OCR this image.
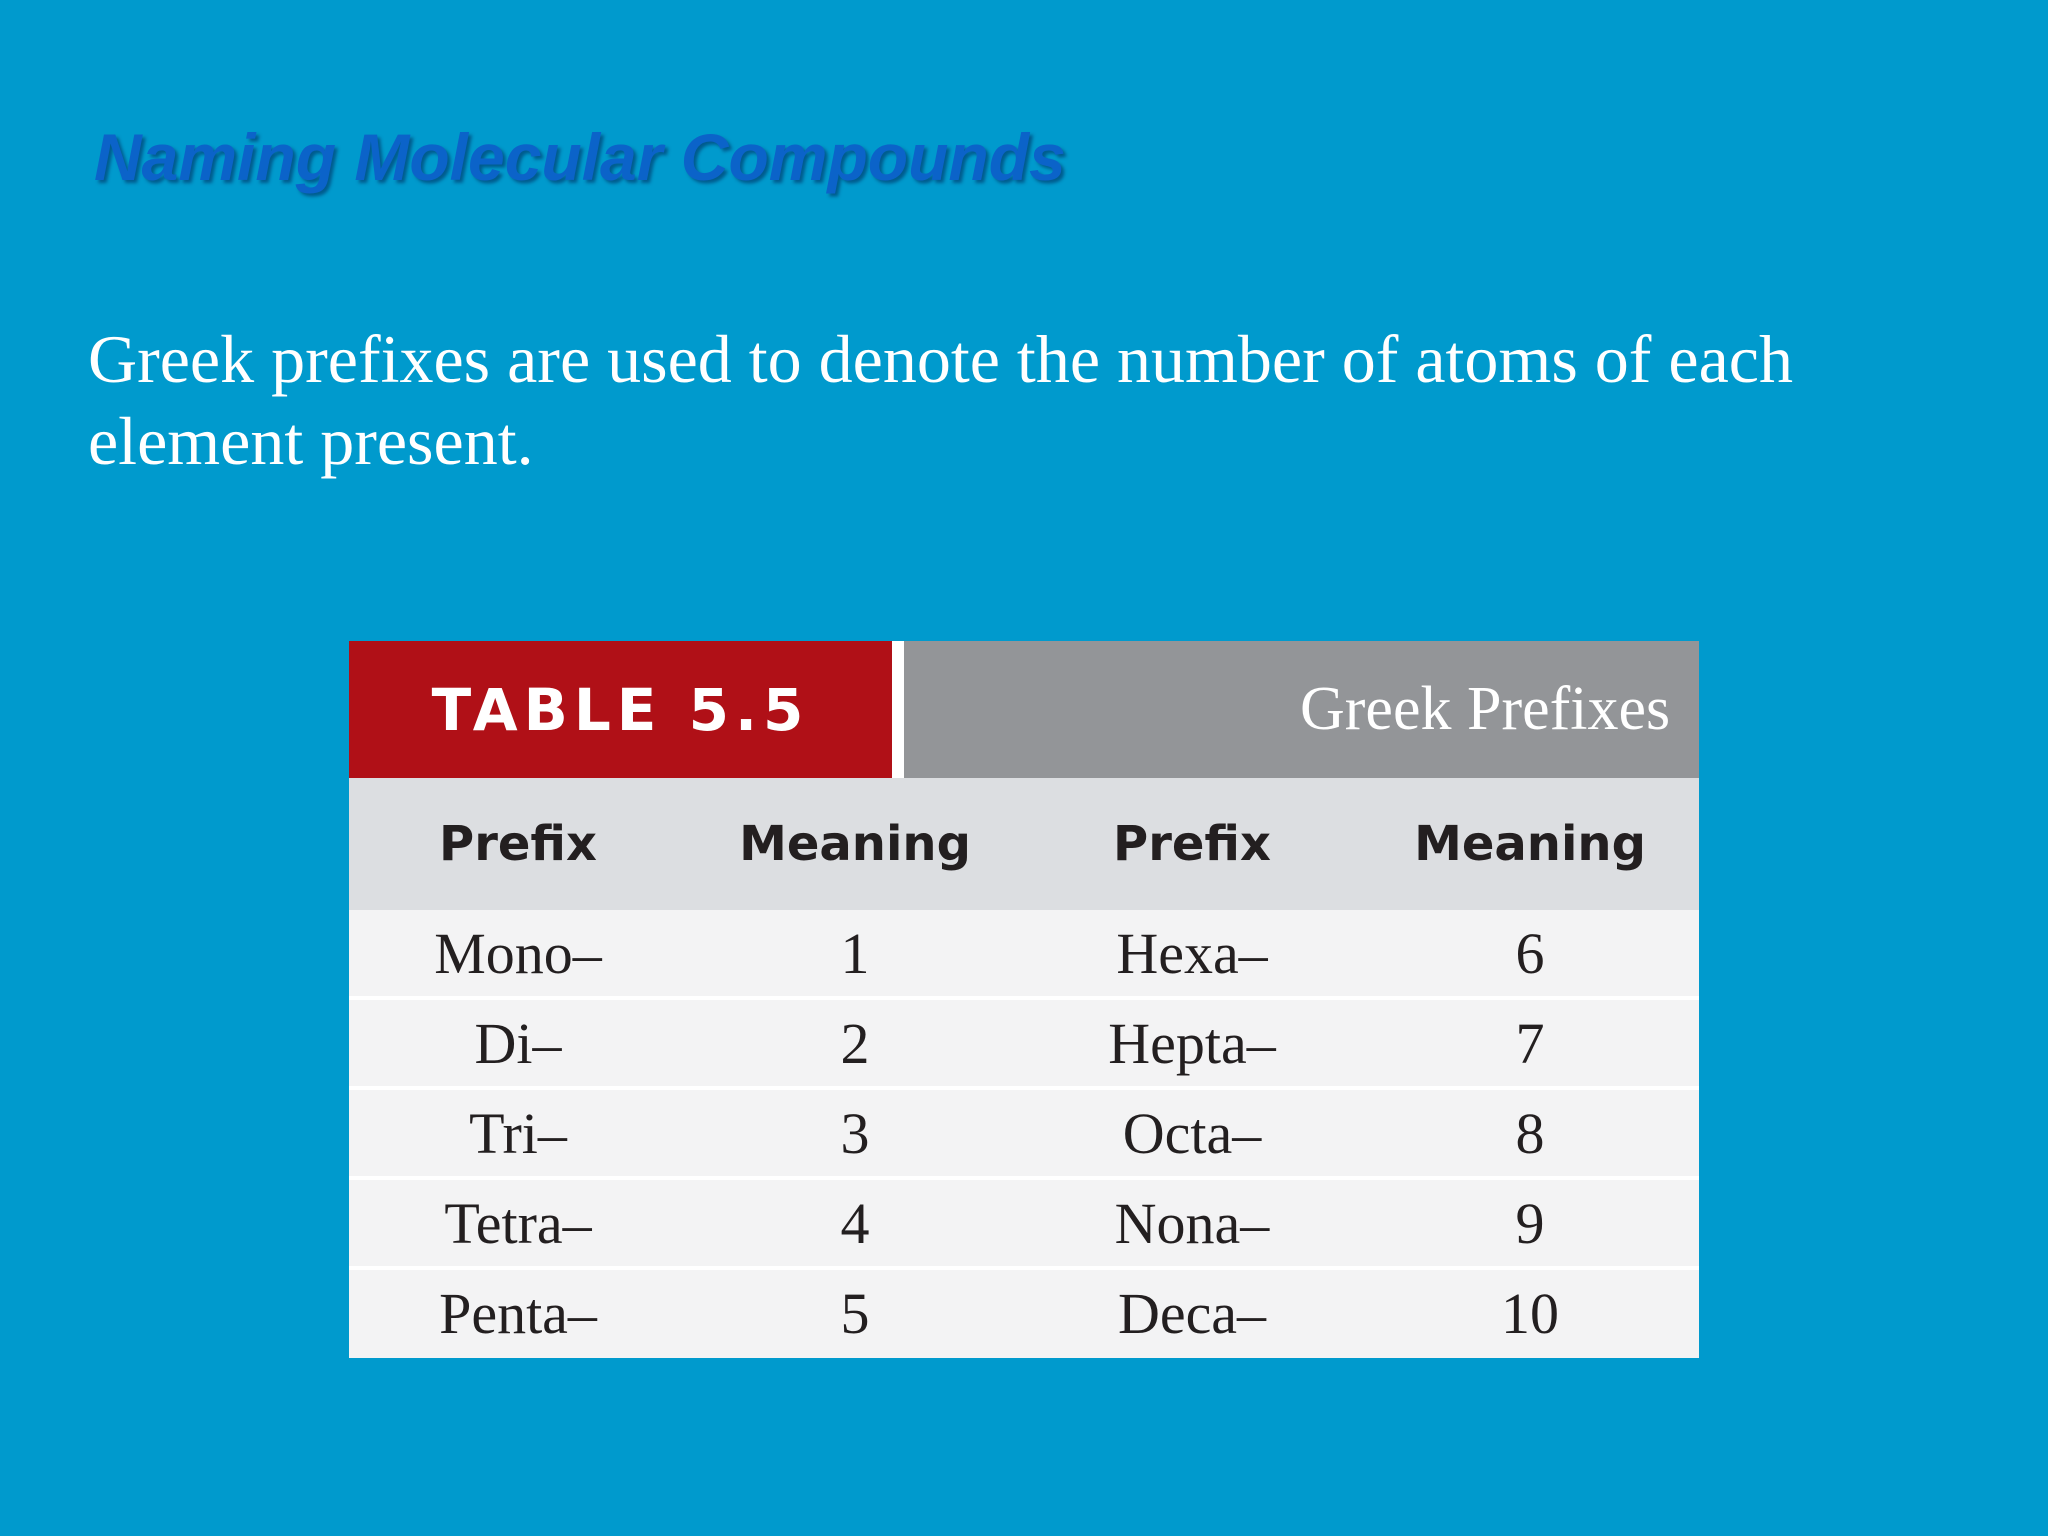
Naming Molecular Compounds

Greek prefixes are used to denote the number of atoms of each element present.

TABLE 5.5	Greek Prefixes
Prefix	Meaning	Prefix	Meaning
Mono–	1	Hexa–	6
Di–	2	Hepta–	7
Tri–	3	Octa–	8
Tetra–	4	Nona–	9
Penta–	5	Deca–	10
